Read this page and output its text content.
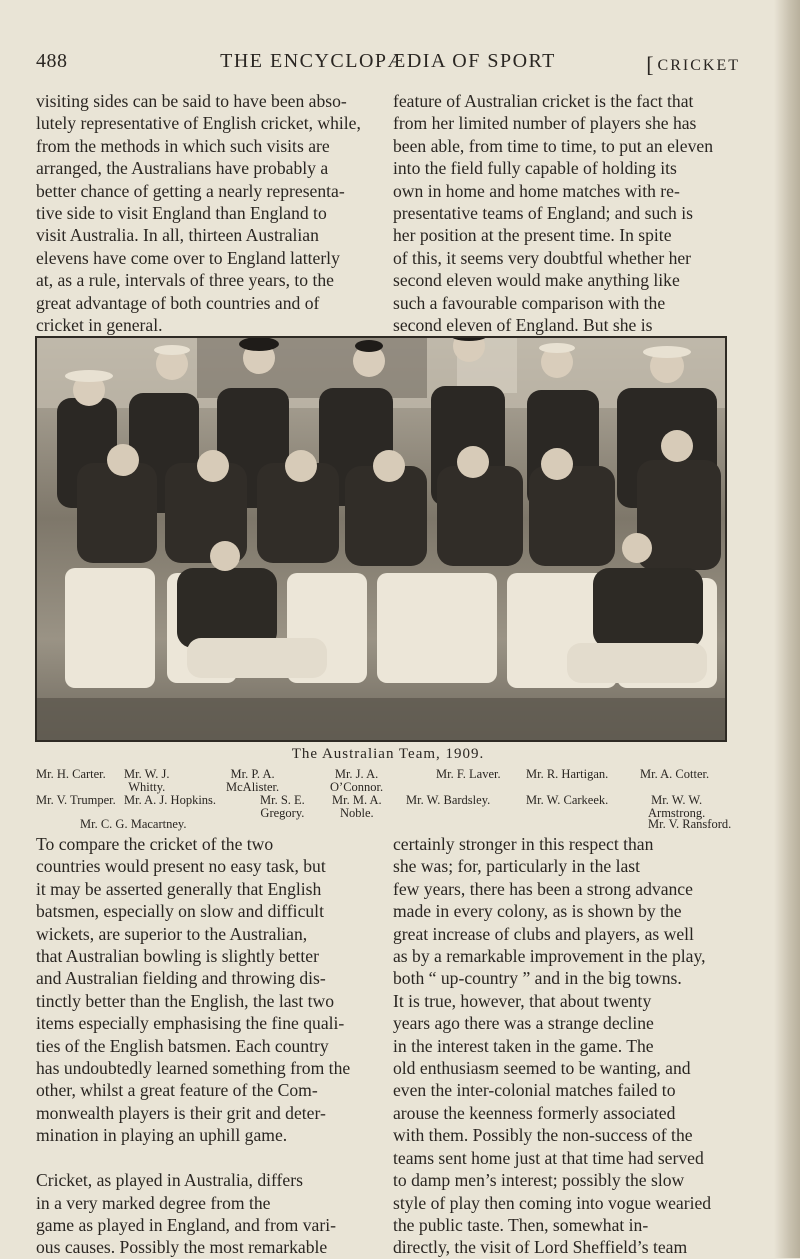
488	THE ENCYCLOPÆDIA OF SPORT	[ CRICKET
visiting sides can be said to have been abso-
lutely representative of English cricket, while,
from the methods in which such visits are
arranged, the Australians have probably a
better chance of getting a nearly representa-
tive side to visit England than England to
visit Australia. In all, thirteen Australian
elevens have come over to England latterly
at, as a rule, intervals of three years, to the
great advantage of both countries and of
cricket in general.
feature of Australian cricket is the fact that
from her limited number of players she has
been able, from time to time, to put an eleven
into the field fully capable of holding its
own in home and home matches with re-
presentative teams of England; and such is
her position at the present time. In spite
of this, it seems very doubtful whether her
second eleven would make anything like
such a favourable comparison with the
second eleven of England. But she is
The Australian Team, 1909.
Mr. H. Carter. Mr. W. J.
Whitty.
Mr. P. A.
McAlister.
Mr. J. A.
O’Connor.
Mr. F. Laver. Mr. R. Hartigan.	Mr. A. Cotter.
Mr. V. Trumper. Mr. A. J. Hopkins.	Mr. S. E.
Gregory.
Mr. M. A.
Noble.
Mr. W. Bardsley.	Mr. W. Carkeek.	Mr. W. W.
Armstrong.
Mr. C. G. Macartney.	Mr. V. Ransford.
To compare the cricket of the two
countries would present no easy task, but
it may be asserted generally that English
batsmen, especially on slow and difficult
wickets, are superior to the Australian,
that Australian bowling is slightly better
and Australian fielding and throwing dis-
tinctly better than the English, the last two
items especially emphasising the fine quali-
ties of the English batsmen. Each country
has undoubtedly learned something from the
other, whilst a great feature of the Com-
monwealth players is their grit and deter-
mination in playing an uphill game.

Cricket, as played in Australia, differs
in a very marked degree from the
game as played in England, and from vari-
ous causes. Possibly the most remarkable
certainly stronger in this respect than
she was; for, particularly in the last
few years, there has been a strong advance
made in every colony, as is shown by the
great increase of clubs and players, as well
as by a remarkable improvement in the play,
both “ up-country ” and in the big towns.
It is true, however, that about twenty
years ago there was a strange decline
in the interest taken in the game. The
old enthusiasm seemed to be wanting, and
even the inter-colonial matches failed to
arouse the keenness formerly associated
with them. Possibly the non-success of the
teams sent home just at that time had served
to damp men’s interest; possibly the slow
style of play then coming into vogue wearied
the public taste. Then, somewhat in-
directly, the visit of Lord Sheffield’s team
